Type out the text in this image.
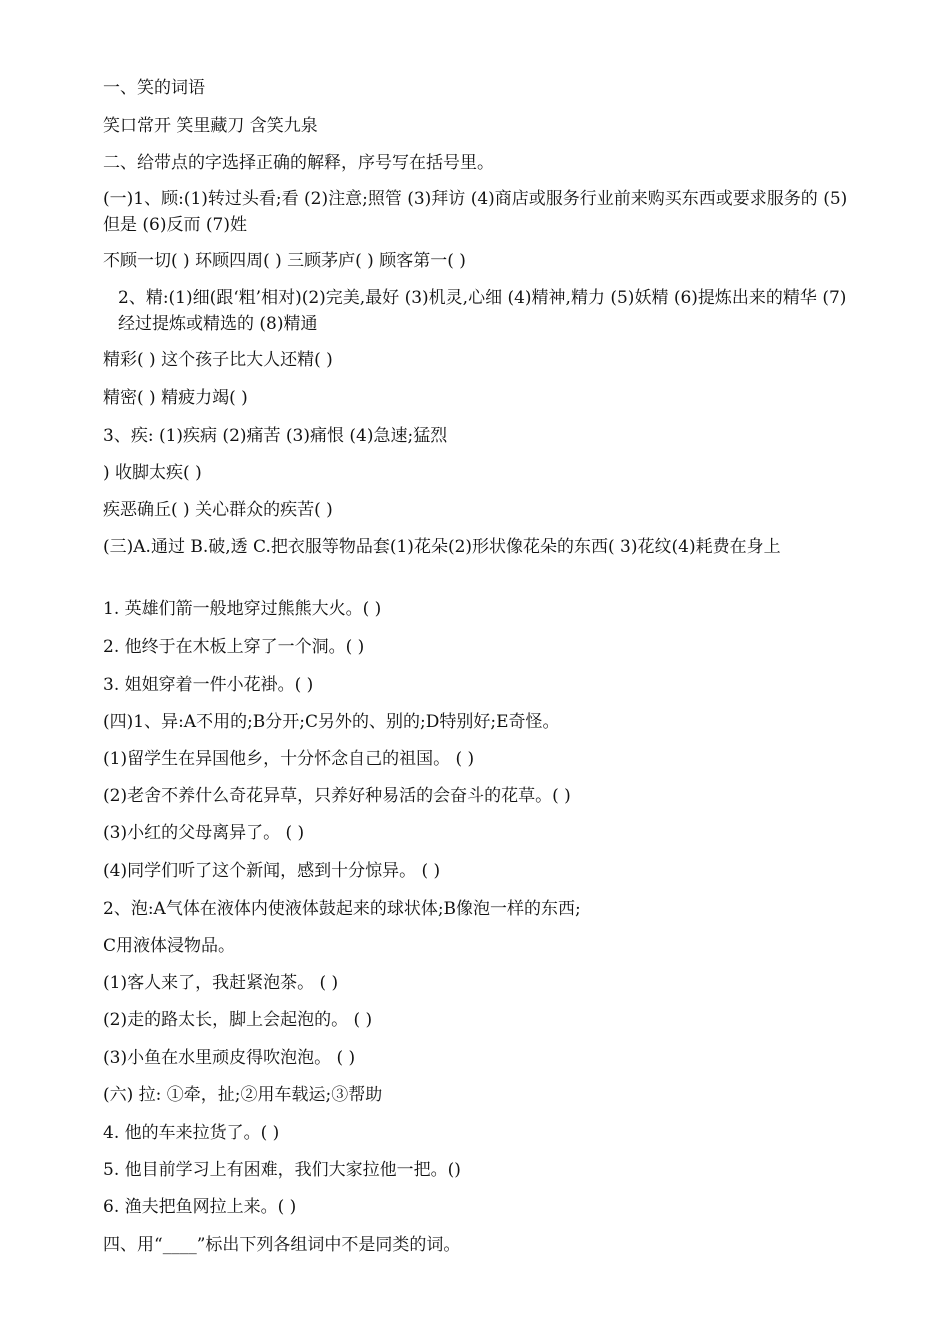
一、笑的词语
笑口常开 笑里藏刀 含笑九泉
二、给带点的字选择正确的解释，序号写在括号里。
(一)1、顾:(1)转过头看;看 (2)注意;照管 (3)拜访 (4)商店或服务行业前来购买东西或要求服务的 (5)但是 (6)反而 (7)姓
不顾一切( ) 环顾四周( ) 三顾茅庐( ) 顾客第一( )
2、精:(1)细(跟‘粗’相对)(2)完美,最好 (3)机灵,心细 (4)精神,精力 (5)妖精 (6)提炼出来的精华 (7)经过提炼或精选的 (8)精通
精彩( ) 这个孩子比大人还精( )
精密( ) 精疲力竭( )
3、疾: (1)疾病 (2)痛苦 (3)痛恨 (4)急速;猛烈
) 收脚太疾( )
疾恶确丘( ) 关心群众的疾苦( )
(三)A.通过 B.破,透 C.把衣服等物品套(1)花朵(2)形状像花朵的东西( 3)花纹(4)耗费在身上
1. 英雄们箭一般地穿过熊熊大火。( )
2. 他终于在木板上穿了一个洞。( )
3. 姐姐穿着一件小花褂。( )
(四)1、异:A不用的;B分开;C另外的、别的;D特别好;E奇怪。
(1)留学生在异国他乡，十分怀念自己的祖国。 ( )
(2)老舍不养什么奇花异草，只养好种易活的会奋斗的花草。( )
(3)小红的父母离异了。 ( )
(4)同学们听了这个新闻，感到十分惊异。 ( )
2、泡:A气体在液体内使液体鼓起来的球状体;B像泡一样的东西;
C用液体浸物品。
(1)客人来了，我赶紧泡茶。 ( )
(2)走的路太长，脚上会起泡的。 ( )
(3)小鱼在水里顽皮得吹泡泡。 ( )
(六) 拉: ①牵，扯;②用车载运;③帮助
4. 他的车来拉货了。( )
5. 他目前学习上有困难，我们大家拉他一把。()
6. 渔夫把鱼网拉上来。( )
四、用“____”标出下列各组词中不是同类的词。
